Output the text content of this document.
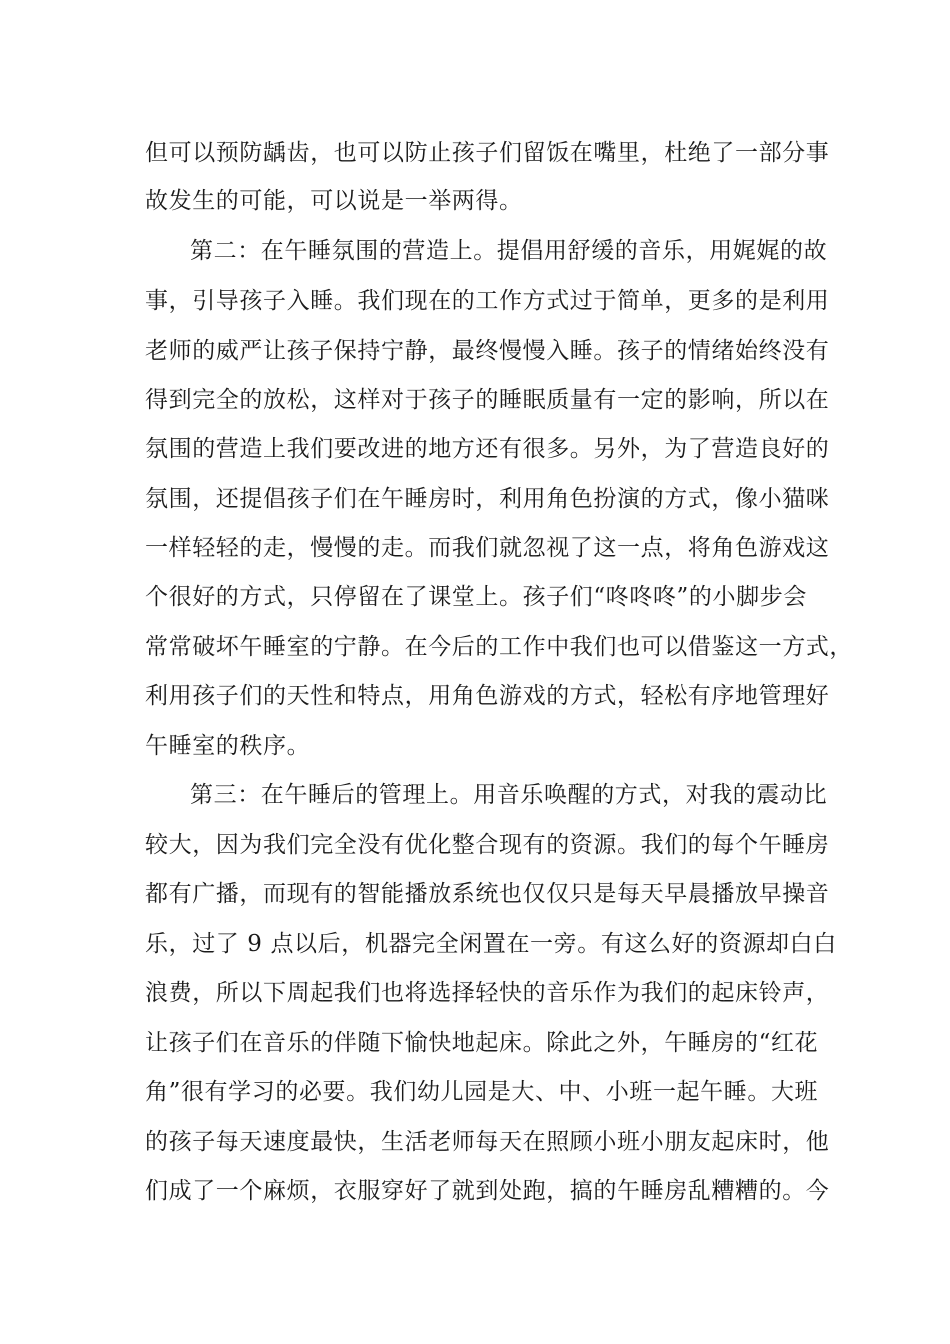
但可以预防龋齿，也可以防止孩子们留饭在嘴里，杜绝了一部分事
故发生的可能，可以说是一举两得。
第二：在午睡氛围的营造上。提倡用舒缓的音乐，用娓娓的故
事，引导孩子入睡。我们现在的工作方式过于简单，更多的是利用
老师的威严让孩子保持宁静，最终慢慢入睡。孩子的情绪始终没有
得到完全的放松，这样对于孩子的睡眠质量有一定的影响，所以在
氛围的营造上我们要改进的地方还有很多。另外，为了营造良好的
氛围，还提倡孩子们在午睡房时，利用角色扮演的方式，像小猫咪
一样轻轻的走，慢慢的走。而我们就忽视了这一点，将角色游戏这
个很好的方式，只停留在了课堂上。孩子们“咚咚咚”的小脚步会
常常破坏午睡室的宁静。在今后的工作中我们也可以借鉴这一方式，
利用孩子们的天性和特点，用角色游戏的方式，轻松有序地管理好
午睡室的秩序。
第三：在午睡后的管理上。用音乐唤醒的方式，对我的震动比
较大，因为我们完全没有优化整合现有的资源。我们的每个午睡房
都有广播，而现有的智能播放系统也仅仅只是每天早晨播放早操音
乐，过了 9 点以后，机器完全闲置在一旁。有这么好的资源却白白
浪费，所以下周起我们也将选择轻快的音乐作为我们的起床铃声，
让孩子们在音乐的伴随下愉快地起床。除此之外，午睡房的“红花
角”很有学习的必要。我们幼儿园是大、中、小班一起午睡。大班
的孩子每天速度最快，生活老师每天在照顾小班小朋友起床时，他
们成了一个麻烦，衣服穿好了就到处跑，搞的午睡房乱糟糟的。今
